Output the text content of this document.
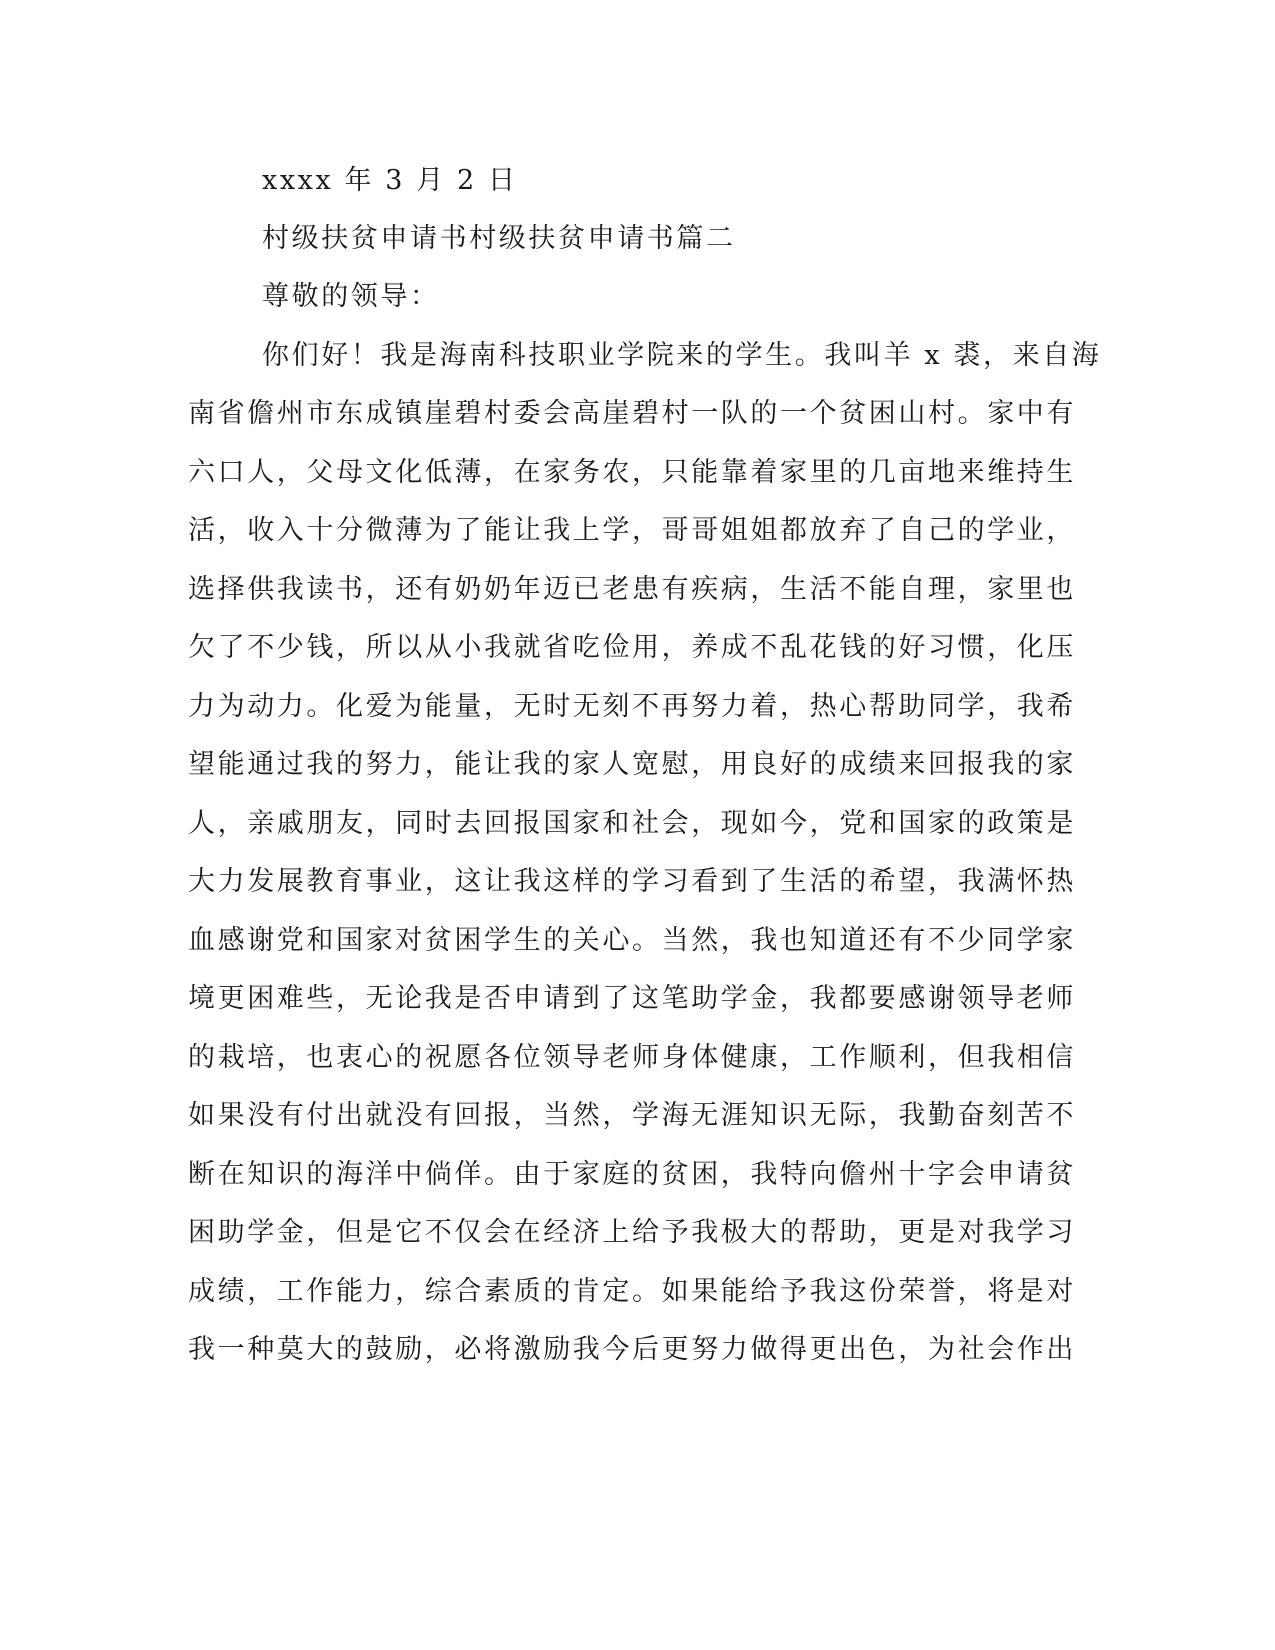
xxxx 年 3 月 2 日
村级扶贫申请书村级扶贫申请书篇二
尊敬的领导：
你们好！我是海南科技职业学院来的学生。我叫羊 x 裘，来自海
南省儋州市东成镇崖碧村委会高崖碧村一队的一个贫困山村。家中有
六口人，父母文化低薄，在家务农，只能靠着家里的几亩地来维持生
活，收入十分微薄为了能让我上学，哥哥姐姐都放弃了自己的学业，
选择供我读书，还有奶奶年迈已老患有疾病，生活不能自理，家里也
欠了不少钱，所以从小我就省吃俭用，养成不乱花钱的好习惯，化压
力为动力。化爱为能量，无时无刻不再努力着，热心帮助同学，我希
望能通过我的努力，能让我的家人宽慰，用良好的成绩来回报我的家
人，亲戚朋友，同时去回报国家和社会，现如今，党和国家的政策是
大力发展教育事业，这让我这样的学习看到了生活的希望，我满怀热
血感谢党和国家对贫困学生的关心。当然，我也知道还有不少同学家
境更困难些，无论我是否申请到了这笔助学金，我都要感谢领导老师
的栽培，也衷心的祝愿各位领导老师身体健康，工作顺利，但我相信
如果没有付出就没有回报，当然，学海无涯知识无际，我勤奋刻苦不
断在知识的海洋中倘佯。由于家庭的贫困，我特向儋州十字会申请贫
困助学金，但是它不仅会在经济上给予我极大的帮助，更是对我学习
成绩，工作能力，综合素质的肯定。如果能给予我这份荣誉，将是对
我一种莫大的鼓励，必将激励我今后更努力做得更出色，为社会作出
